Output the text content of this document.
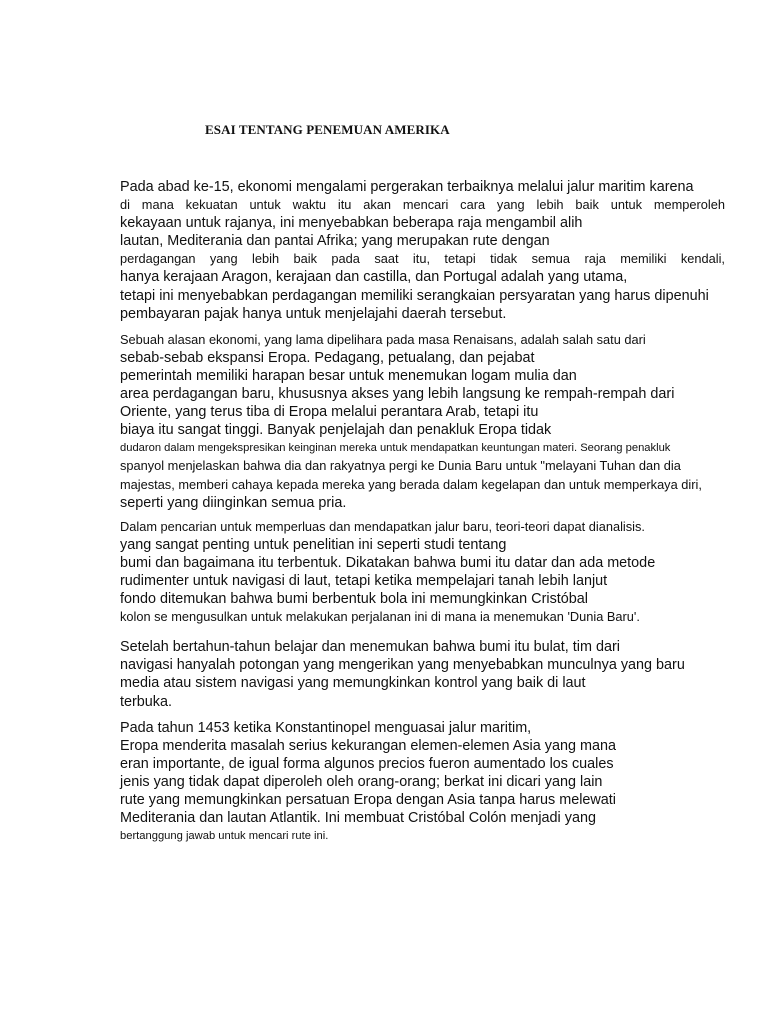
ESAI TENTANG PENEMUAN AMERIKA
Pada abad ke-15, ekonomi mengalami pergerakan terbaiknya melalui jalur maritim karena
di mana kekuatan untuk waktu itu akan mencari cara yang lebih baik untuk memperoleh
kekayaan untuk rajanya, ini menyebabkan beberapa raja mengambil alih
lautan, Mediterania dan pantai Afrika; yang merupakan rute dengan
perdagangan yang lebih baik pada saat itu, tetapi tidak semua raja memiliki kendali,
hanya kerajaan Aragon, kerajaan dan castilla, dan Portugal adalah yang utama,
tetapi ini menyebabkan perdagangan memiliki serangkaian persyaratan yang harus dipenuhi
pembayaran pajak hanya untuk menjelajahi daerah tersebut.
Sebuah alasan ekonomi, yang lama dipelihara pada masa Renaisans, adalah salah satu dari
sebab-sebab ekspansi Eropa. Pedagang, petualang, dan pejabat
pemerintah memiliki harapan besar untuk menemukan logam mulia dan
area perdagangan baru, khususnya akses yang lebih langsung ke rempah-rempah dari
Oriente, yang terus tiba di Eropa melalui perantara Arab, tetapi itu
biaya itu sangat tinggi. Banyak penjelajah dan penakluk Eropa tidak
dudaron dalam mengekspresikan keinginan mereka untuk mendapatkan keuntungan materi. Seorang penakluk
spanyol menjelaskan bahwa dia dan rakyatnya pergi ke Dunia Baru untuk "melayani Tuhan dan dia
majestas, memberi cahaya kepada mereka yang berada dalam kegelapan dan untuk memperkaya diri,
seperti yang diinginkan semua pria.
Dalam pencarian untuk memperluas dan mendapatkan jalur baru, teori-teori dapat dianalisis.
yang sangat penting untuk penelitian ini seperti studi tentang
bumi dan bagaimana itu terbentuk. Dikatakan bahwa bumi itu datar dan ada metode
rudimenter untuk navigasi di laut, tetapi ketika mempelajari tanah lebih lanjut
fondo ditemukan bahwa bumi berbentuk bola ini memungkinkan Cristóbal
kolon se mengusulkan untuk melakukan perjalanan ini di mana ia menemukan 'Dunia Baru'.
Setelah bertahun-tahun belajar dan menemukan bahwa bumi itu bulat, tim dari
navigasi hanyalah potongan yang mengerikan yang menyebabkan munculnya yang baru
media atau sistem navigasi yang memungkinkan kontrol yang baik di laut
terbuka.
Pada tahun 1453 ketika Konstantinopel menguasai jalur maritim,
Eropa menderita masalah serius kekurangan elemen-elemen Asia yang mana
eran importante, de igual forma algunos precios fueron aumentado los cuales
jenis yang tidak dapat diperoleh oleh orang-orang; berkat ini dicari yang lain
rute yang memungkinkan persatuan Eropa dengan Asia tanpa harus melewati
Mediterania dan lautan Atlantik. Ini membuat Cristóbal Colón menjadi yang
bertanggung jawab untuk mencari rute ini.
